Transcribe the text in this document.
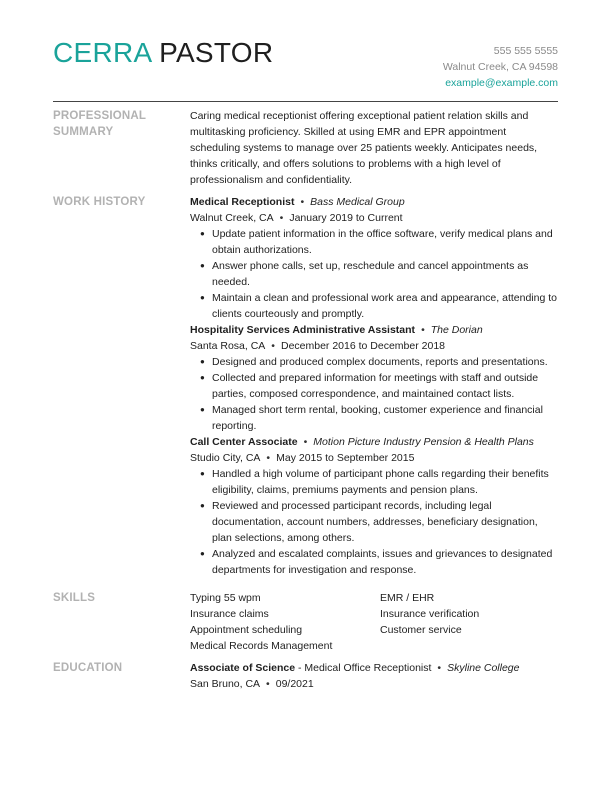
CERRA PASTOR	555 555 5555
Walnut Creek, CA 94598
example@example.com
PROFESSIONAL SUMMARY
Caring medical receptionist offering exceptional patient relation skills and multitasking proficiency. Skilled at using EMR and EPR appointment scheduling systems to manage over 25 patients weekly. Anticipates needs, thinks critically, and offers solutions to problems with a high level of professionalism and confidentiality.
WORK HISTORY	Medical Receptionist • Bass Medical Group
Walnut Creek, CA • January 2019 to Current
● Update patient information in the office software, verify medical plans and obtain authorizations.
● Answer phone calls, set up, reschedule and cancel appointments as needed.
● Maintain a clean and professional work area and appearance, attending to clients courteously and promptly.
Hospitality Services Administrative Assistant • The Dorian
Santa Rosa, CA • December 2016 to December 2018
● Designed and produced complex documents, reports and presentations.
● Collected and prepared information for meetings with staff and outside parties, composed correspondence, and maintained contact lists.
● Managed short term rental, booking, customer experience and financial reporting.
Call Center Associate • Motion Picture Industry Pension & Health Plans
Studio City, CA • May 2015 to September 2015
● Handled a high volume of participant phone calls regarding their benefits eligibility, claims, premiums payments and pension plans.
● Reviewed and processed participant records, including legal documentation, account numbers, addresses, beneficiary designation, plan selections, among others.
● Analyzed and escalated complaints, issues and grievances to designated departments for investigation and response.
SKILLS	Typing 55 wpm	EMR / EHR
Insurance claims	Insurance verification
Appointment scheduling	Customer service
Medical Records Management
EDUCATION	Associate of Science - Medical Office Receptionist • Skyline College
San Bruno, CA • 09/2021
